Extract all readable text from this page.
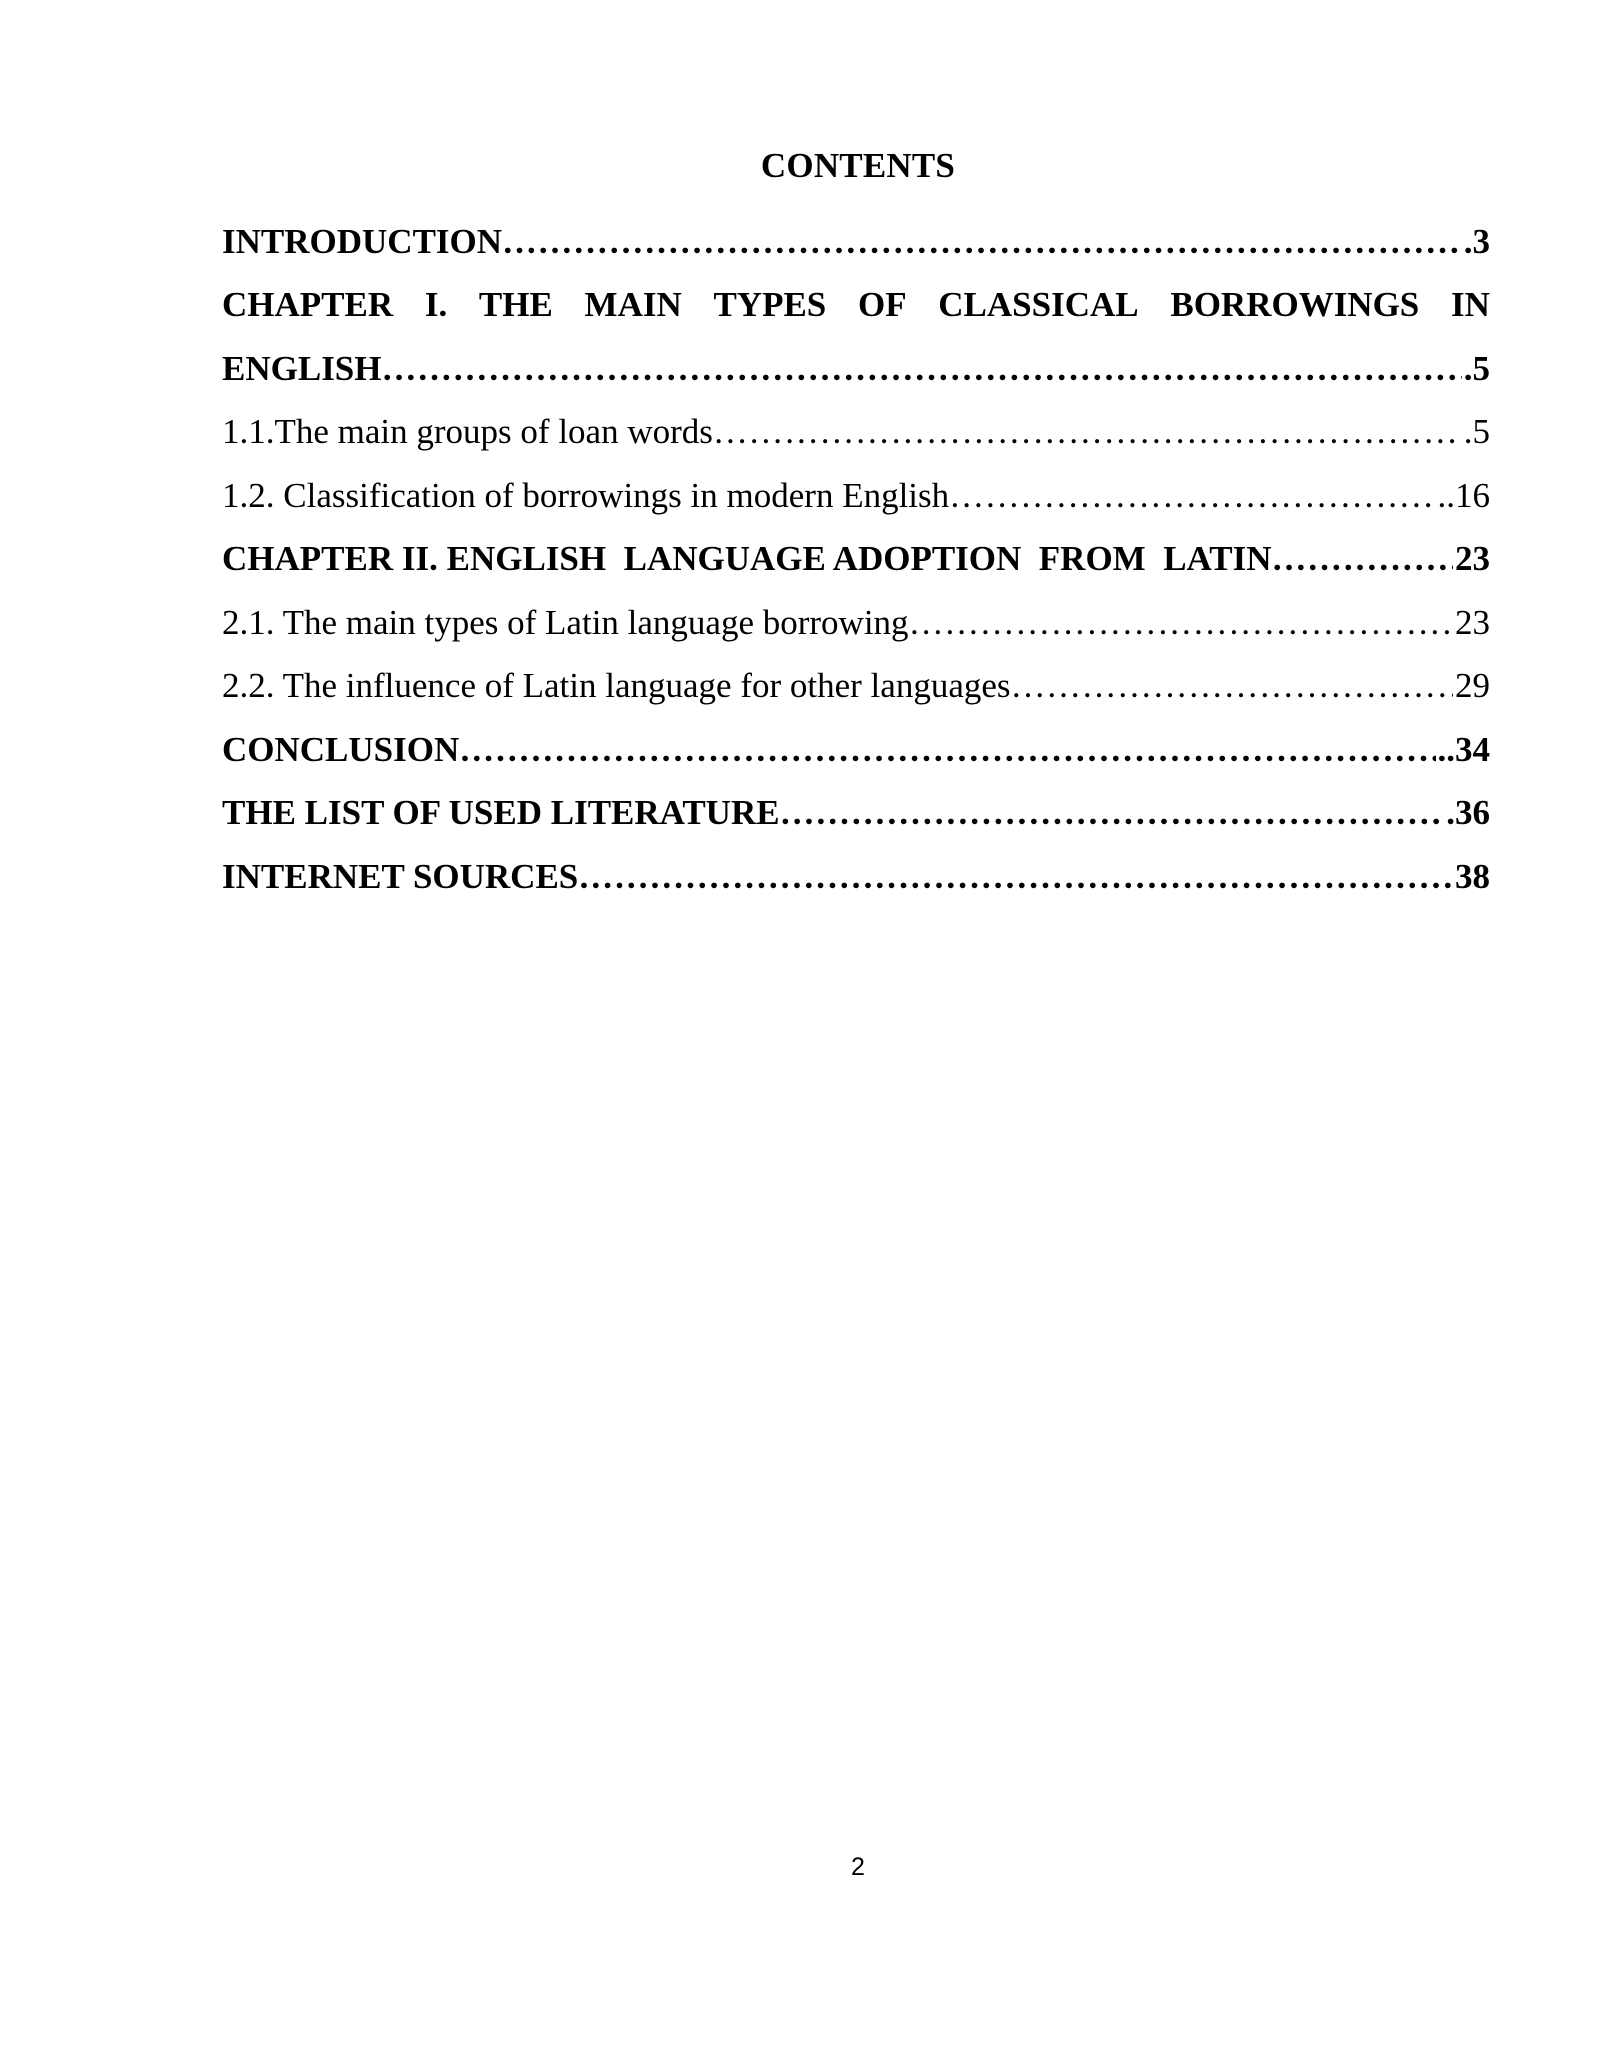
CONTENTS
INTRODUCTION ………………………………………………………………………………………………………………………………………………………	.3
CHAPTER I. THE MAIN TYPES OF CLASSICAL BORROWINGS IN
ENGLISH ………………………………………………………………………………………………………………………………………………………	.5
1.1.The main groups of loan words ………………………………………………………………………………………………………………………………………………………	.5
1.2. Classification of borrowings in modern English ………………………………………………………………………………………………………………………………………………………	..16
CHAPTER II. ENGLISH  LANGUAGE ADOPTION  FROM  LATIN ………………………………………………………………………………………………………………………………………………………	23
2.1. The main types of Latin language borrowing ………………………………………………………………………………………………………………………………………………………	23
2.2. The influence of Latin language for other languages ………………………………………………………………………………………………………………………………………………………	29
CONCLUSION ………………………………………………………………………………………………………………………………………………………	..34
THE LIST OF USED LITERATURE ………………………………………………………………………………………………………………………………………………………	.36
INTERNET SOURCES ………………………………………………………………………………………………………………………………………………………	38
2
